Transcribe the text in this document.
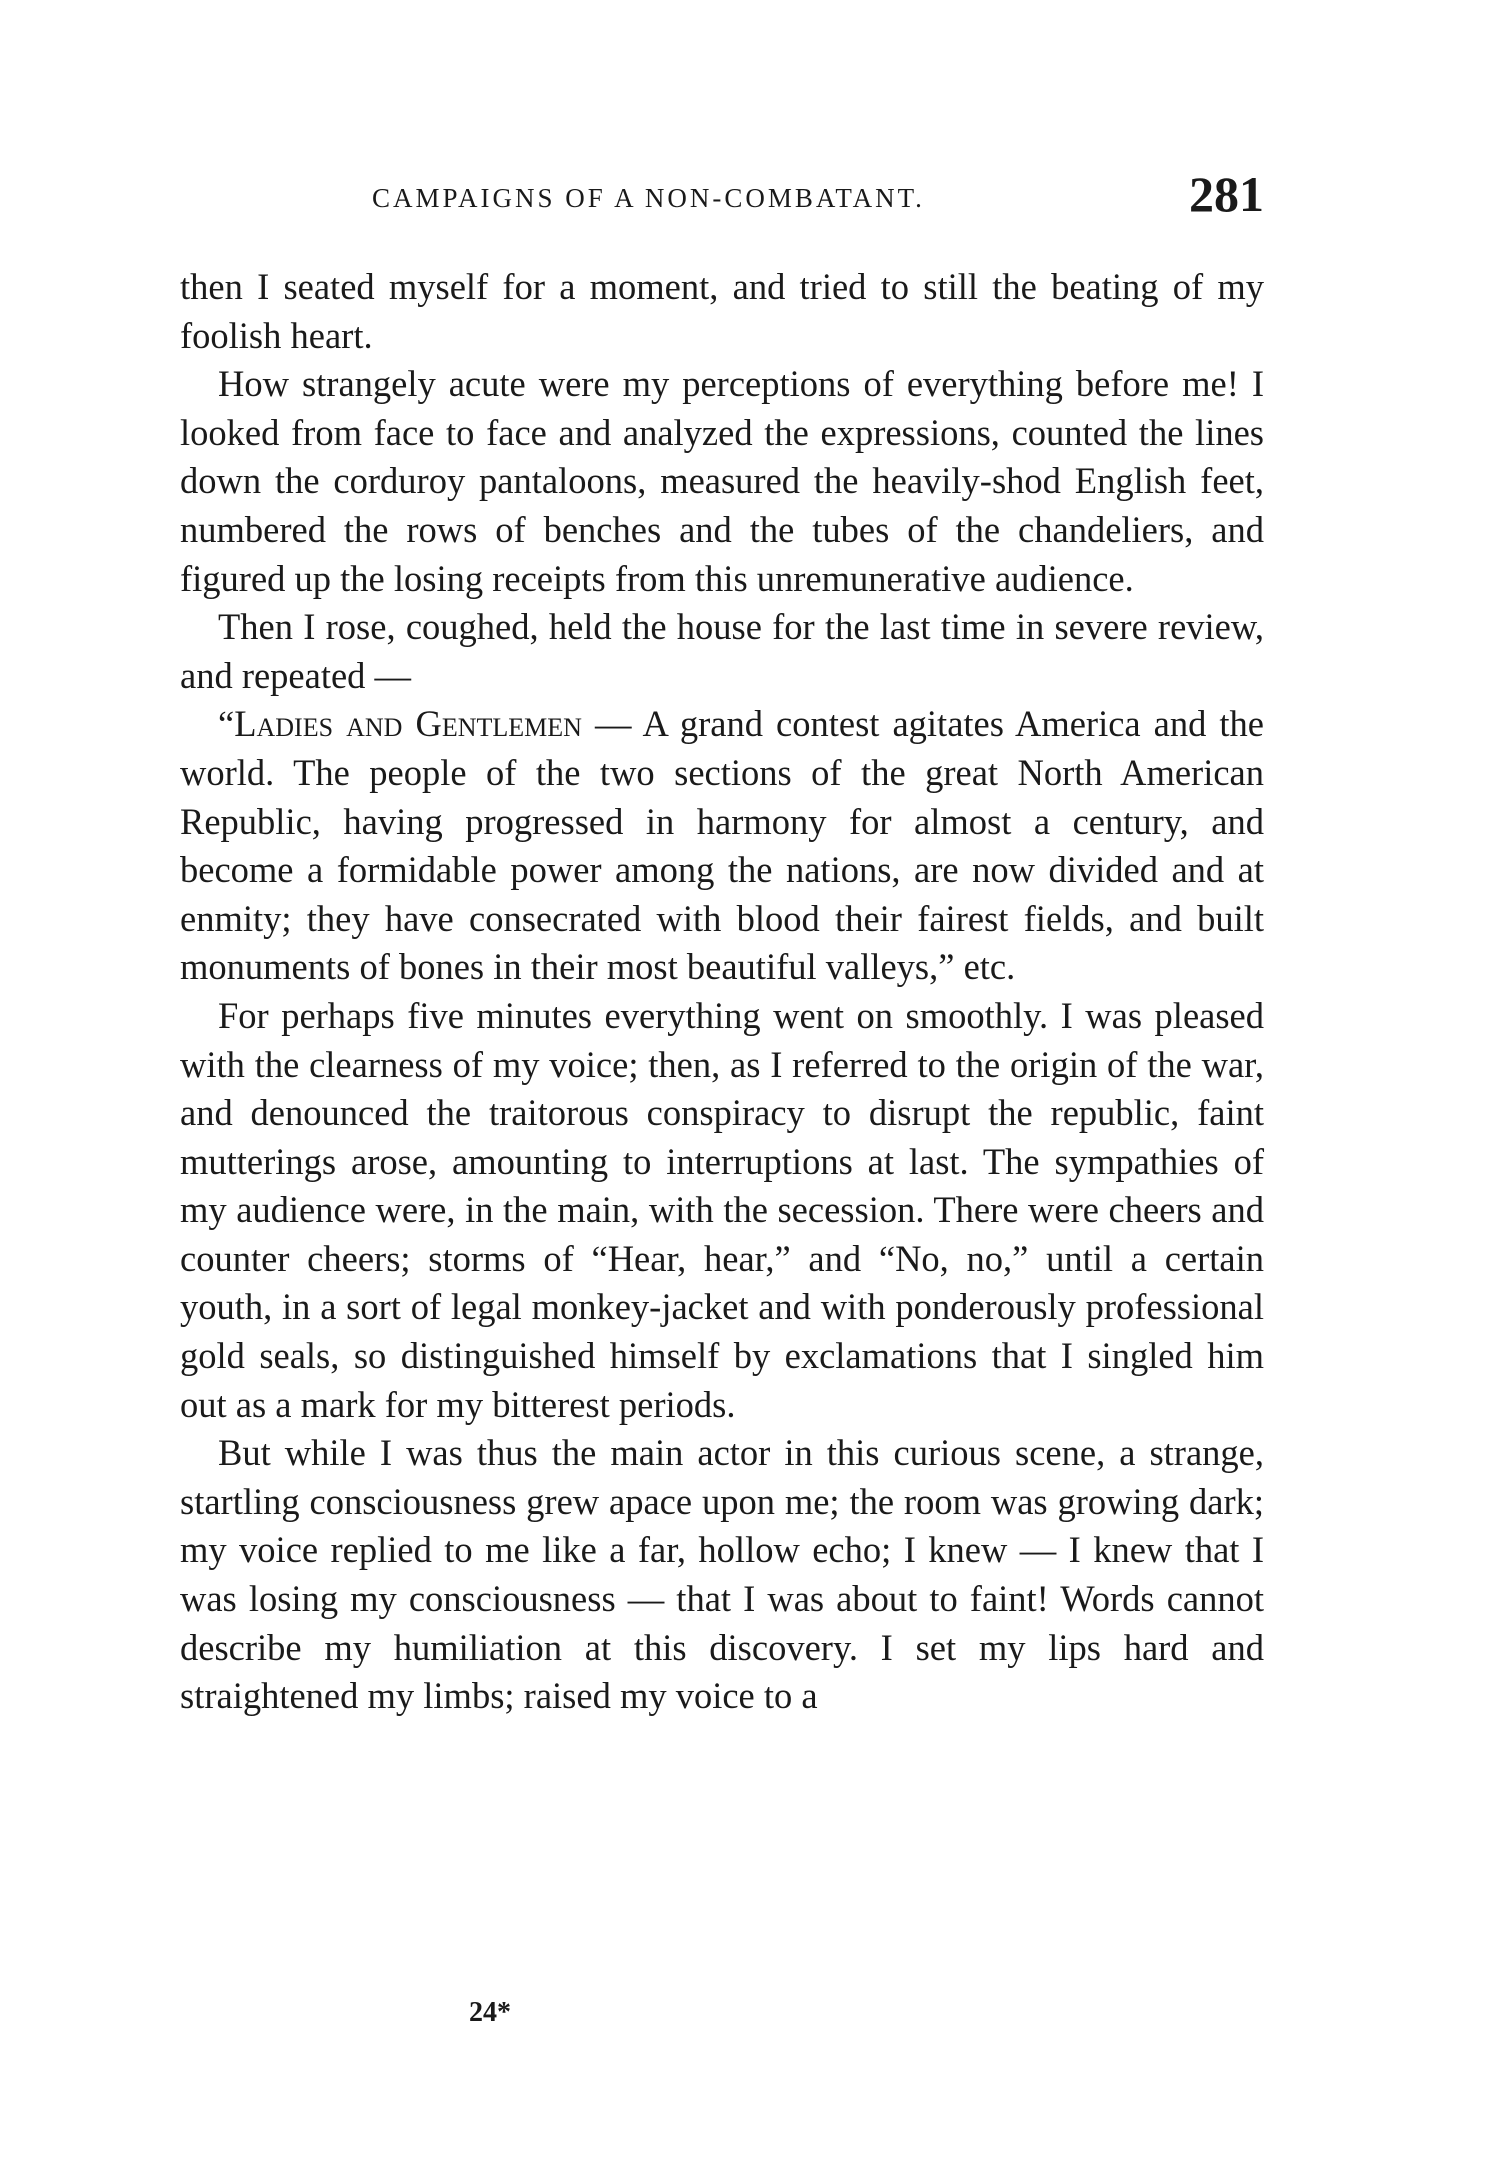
CAMPAIGNS OF A NON-COMBATANT.	281

then I seated myself for a moment, and tried to still the beating of my foolish heart.

How strangely acute were my perceptions of everything before me! I looked from face to face and analyzed the expressions, counted the lines down the corduroy pantaloons, measured the heavily-shod English feet, numbered the rows of benches and the tubes of the chandeliers, and figured up the losing receipts from this unremunerative audience.

Then I rose, coughed, held the house for the last time in severe review, and repeated —

“Ladies and Gentlemen — A grand contest agitates America and the world. The people of the two sections of the great North American Republic, having progressed in harmony for almost a century, and become a formidable power among the nations, are now divided and at enmity; they have consecrated with blood their fairest fields, and built monuments of bones in their most beautiful valleys,” etc.

For perhaps five minutes everything went on smoothly. I was pleased with the clearness of my voice; then, as I referred to the origin of the war, and denounced the traitorous conspiracy to disrupt the republic, faint mutterings arose, amounting to interruptions at last. The sympathies of my audience were, in the main, with the secession. There were cheers and counter cheers; storms of “Hear, hear,” and “No, no,” until a certain youth, in a sort of legal monkey-jacket and with ponderously professional gold seals, so distinguished himself by exclamations that I singled him out as a mark for my bitterest periods.

But while I was thus the main actor in this curious scene, a strange, startling consciousness grew apace upon me; the room was growing dark; my voice replied to me like a far, hollow echo; I knew — I knew that I was losing my consciousness — that I was about to faint! Words cannot describe my humiliation at this discovery. I set my lips hard and straightened my limbs; raised my voice to a

24*
